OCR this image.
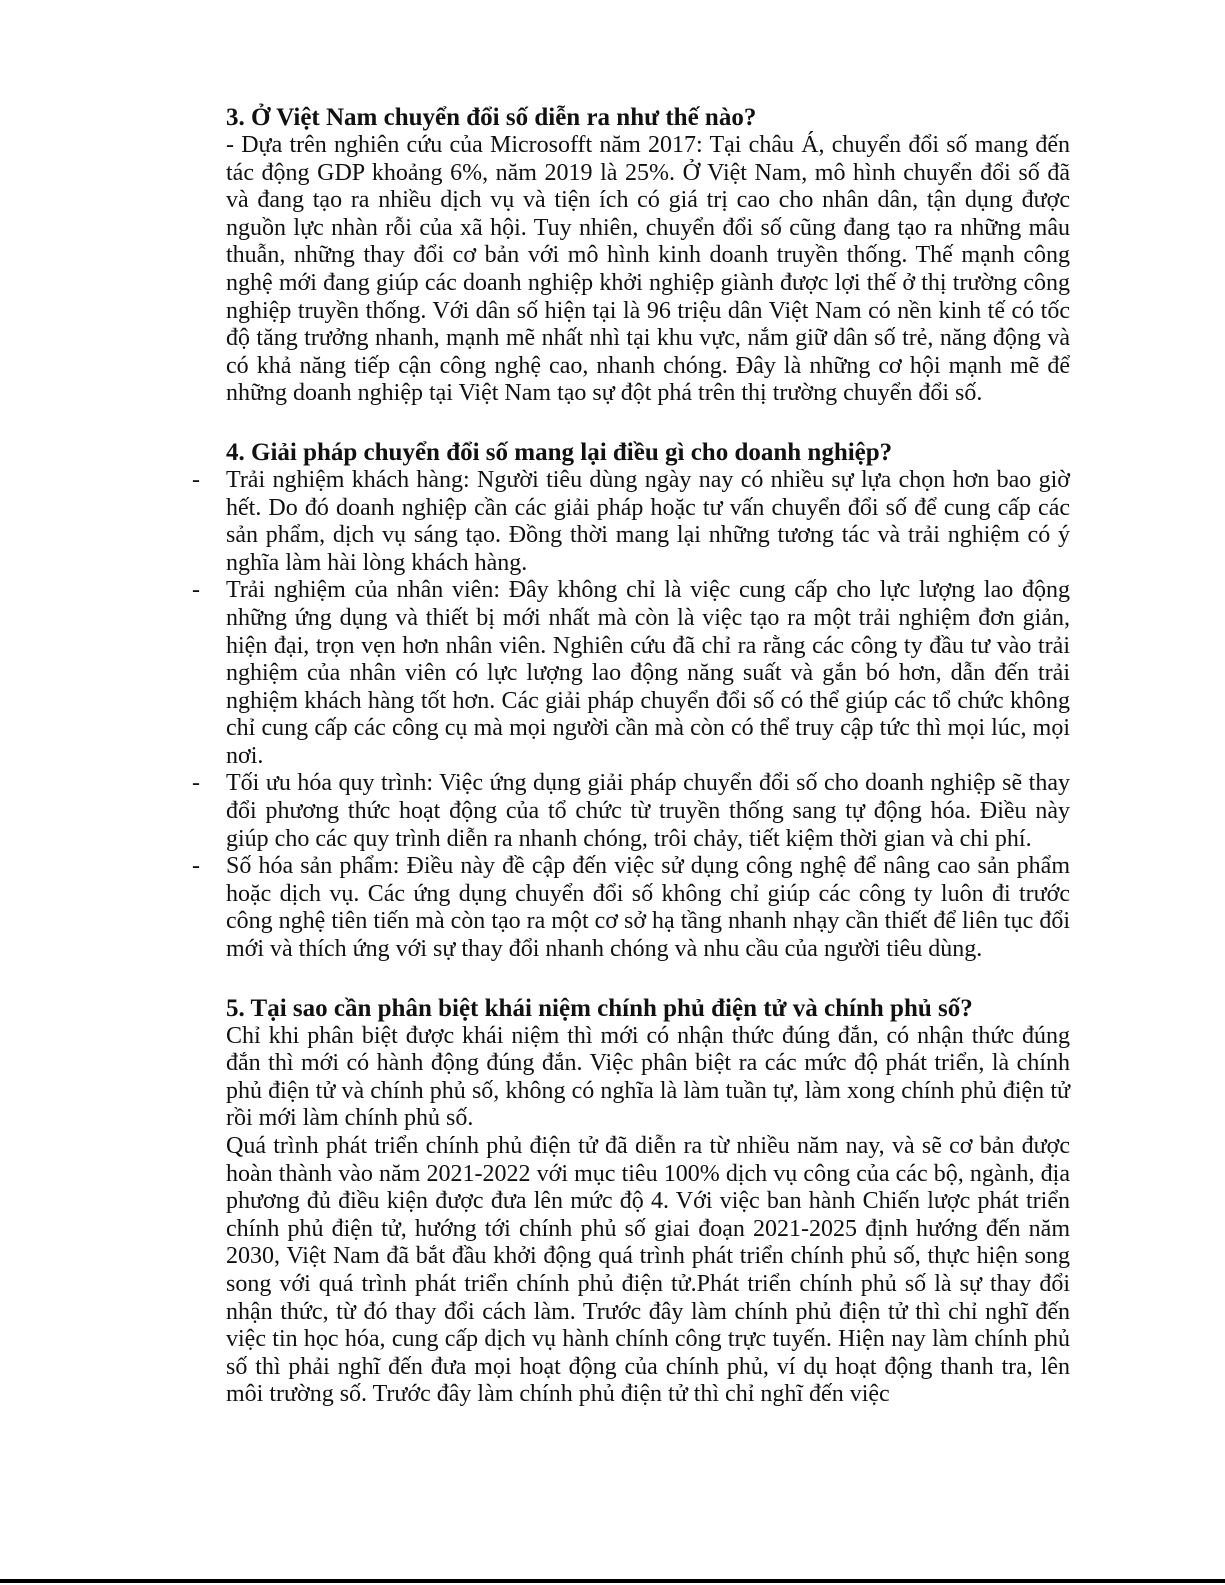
3. Ở Việt Nam chuyển đổi số diễn ra như thế nào?

- Dựa trên nghiên cứu của Microsofft năm 2017: Tại châu Á, chuyển đổi số mang đến tác động GDP khoảng 6%, năm 2019 là 25%. Ở Việt Nam, mô hình chuyển đổi số đã và đang tạo ra nhiều dịch vụ và tiện ích có giá trị cao cho nhân dân, tận dụng được nguồn lực nhàn rỗi của xã hội. Tuy nhiên, chuyển đổi số cũng đang tạo ra những mâu thuẫn, những thay đổi cơ bản với mô hình kinh doanh truyền thống. Thế mạnh công nghệ mới đang giúp các doanh nghiệp khởi nghiệp giành được lợi thế ở thị trường công nghiệp truyền thống. Với dân số hiện tại là 96 triệu dân Việt Nam có nền kinh tế có tốc độ tăng trưởng nhanh, mạnh mẽ nhất nhì tại khu vực, nắm giữ dân số trẻ, năng động và có khả năng tiếp cận công nghệ cao, nhanh chóng. Đây là những cơ hội mạnh mẽ để những doanh nghiệp tại Việt Nam tạo sự đột phá trên thị trường chuyển đổi số.

4. Giải pháp chuyển đổi số mang lại điều gì cho doanh nghiệp?
- Trải nghiệm khách hàng: Người tiêu dùng ngày nay có nhiều sự lựa chọn hơn bao giờ hết. Do đó doanh nghiệp cần các giải pháp hoặc tư vấn chuyển đổi số để cung cấp các sản phẩm, dịch vụ sáng tạo. Đồng thời mang lại những tương tác và trải nghiệm có ý nghĩa làm hài lòng khách hàng.
- Trải nghiệm của nhân viên: Đây không chỉ là việc cung cấp cho lực lượng lao động những ứng dụng và thiết bị mới nhất mà còn là việc tạo ra một trải nghiệm đơn giản, hiện đại, trọn vẹn hơn nhân viên. Nghiên cứu đã chỉ ra rằng các công ty đầu tư vào trải nghiệm của nhân viên có lực lượng lao động năng suất và gắn bó hơn, dẫn đến trải nghiệm khách hàng tốt hơn. Các giải pháp chuyển đổi số có thể giúp các tổ chức không chỉ cung cấp các công cụ mà mọi người cần mà còn có thể truy cập tức thì mọi lúc, mọi nơi.
- Tối ưu hóa quy trình: Việc ứng dụng giải pháp chuyển đổi số cho doanh nghiệp sẽ thay đổi phương thức hoạt động của tổ chức từ truyền thống sang tự động hóa. Điều này giúp cho các quy trình diễn ra nhanh chóng, trôi chảy, tiết kiệm thời gian và chi phí.
- Số hóa sản phẩm: Điều này đề cập đến việc sử dụng công nghệ để nâng cao sản phẩm hoặc dịch vụ. Các ứng dụng chuyển đổi số không chỉ giúp các công ty luôn đi trước công nghệ tiên tiến mà còn tạo ra một cơ sở hạ tầng nhanh nhạy cần thiết để liên tục đổi mới và thích ứng với sự thay đổi nhanh chóng và nhu cầu của người tiêu dùng.
5. Tại sao cần phân biệt khái niệm chính phủ điện tử và chính phủ số?

Chỉ khi phân biệt được khái niệm thì mới có nhận thức đúng đắn, có nhận thức đúng đắn thì mới có hành động đúng đắn. Việc phân biệt ra các mức độ phát triển, là chính phủ điện tử và chính phủ số, không có nghĩa là làm tuần tự, làm xong chính phủ điện tử rồi mới làm chính phủ số.

Quá trình phát triển chính phủ điện tử đã diễn ra từ nhiều năm nay, và sẽ cơ bản được hoàn thành vào năm 2021-2022 với mục tiêu 100% dịch vụ công của các bộ, ngành, địa phương đủ điều kiện được đưa lên mức độ 4. Với việc ban hành Chiến lược phát triển chính phủ điện tử, hướng tới chính phủ số giai đoạn 2021-2025 định hướng đến năm 2030, Việt Nam đã bắt đầu khởi động quá trình phát triển chính phủ số, thực hiện song song với quá trình phát triển chính phủ điện tử.Phát triển chính phủ số là sự thay đổi nhận thức, từ đó thay đổi cách làm. Trước đây làm chính phủ điện tử thì chỉ nghĩ đến việc tin học hóa, cung cấp dịch vụ hành chính công trực tuyến. Hiện nay làm chính phủ số thì phải nghĩ đến đưa mọi hoạt động của chính phủ, ví dụ hoạt động thanh tra, lên môi trường số. Trước đây làm chính phủ điện tử thì chỉ nghĩ đến việc
